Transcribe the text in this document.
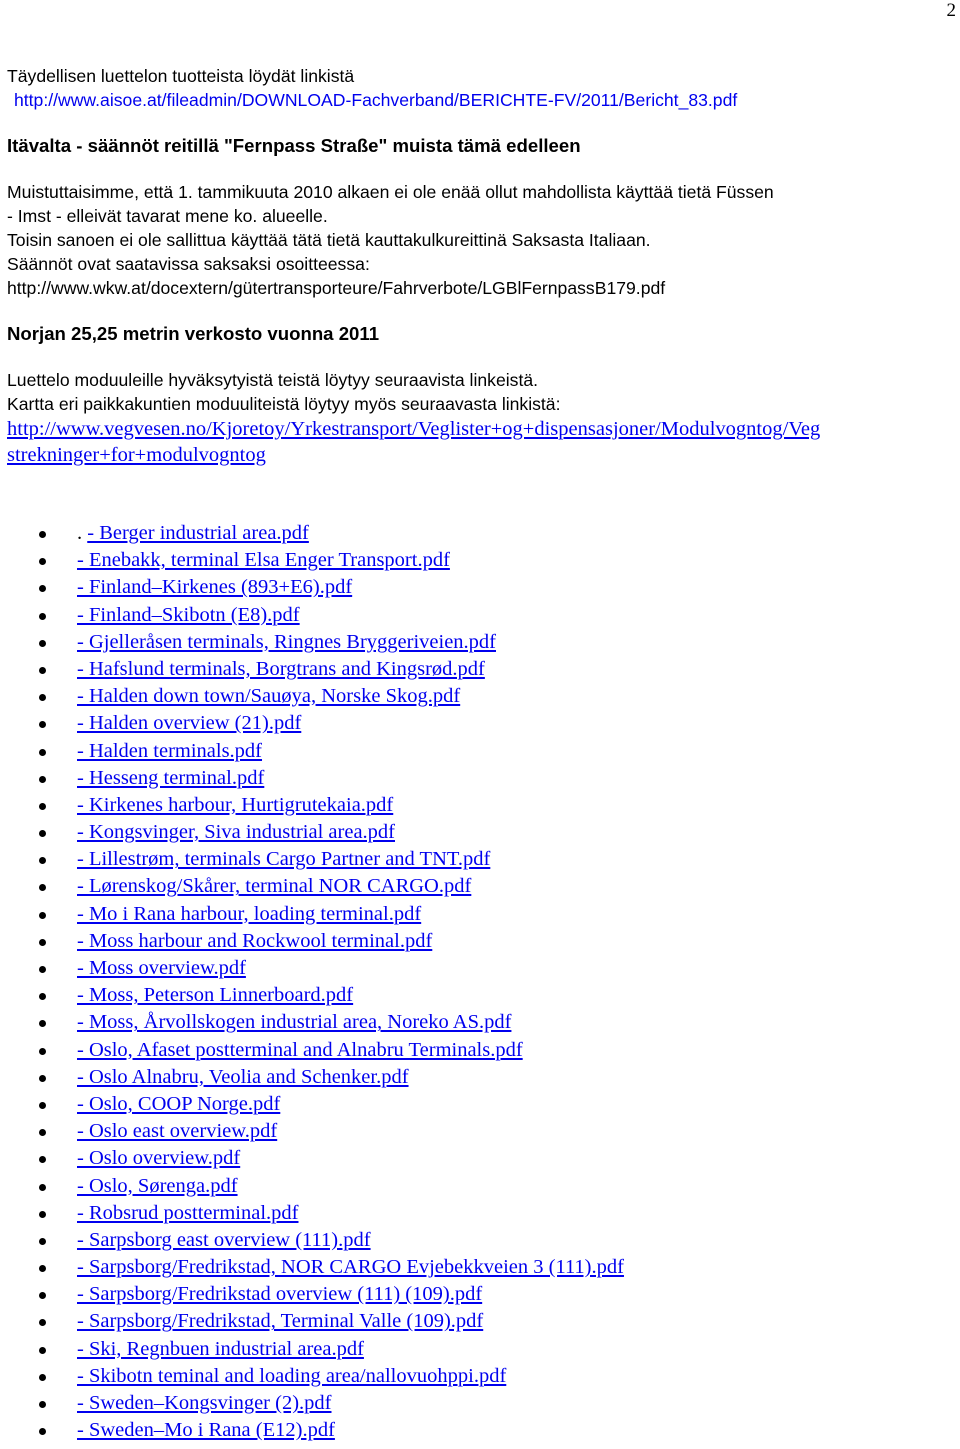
2
Täydellisen luettelon tuotteista löydät linkistä
http://www.aisoe.at/fileadmin/DOWNLOAD-Fachverband/BERICHTE-FV/2011/Bericht_83.pdf
Itävalta - säännöt reitillä "Fernpass Straße" muista tämä edelleen
Muistuttaisimme, että 1. tammikuuta 2010 alkaen ei ole enää ollut mahdollista käyttää tietä Füssen
- Imst - elleivät tavarat mene ko. alueelle.
Toisin sanoen ei ole sallittua käyttää tätä tietä kauttakulkureittinä Saksasta Italiaan.
Säännöt ovat saatavissa saksaksi osoitteessa:
http://www.wkw.at/docextern/gütertransporteure/Fahrverbote/LGBlFernpassB179.pdf
Norjan 25,25 metrin verkosto vuonna 2011
Luettelo moduuleille hyväksytyistä teistä löytyy seuraavista linkeistä.
Kartta eri paikkakuntien moduuliteistä löytyy myös seuraavasta linkistä:
http://www.vegvesen.no/Kjoretoy/Yrkestransport/Veglister+og+dispensasjoner/Modulvogntog/Veg
strekninger+for+modulvogntog
. - Berger industrial area.pdf
- Enebakk, terminal Elsa Enger Transport.pdf
- Finland–Kirkenes (893+E6).pdf
- Finland–Skibotn (E8).pdf
- Gjelleråsen terminals, Ringnes Bryggeriveien.pdf
- Hafslund terminals, Borgtrans and Kingsrød.pdf
- Halden down town/Sauøya, Norske Skog.pdf
- Halden overview (21).pdf
- Halden terminals.pdf
- Hesseng terminal.pdf
- Kirkenes harbour, Hurtigrutekaia.pdf
- Kongsvinger, Siva industrial area.pdf
- Lillestrøm, terminals Cargo Partner and TNT.pdf
- Lørenskog/Skårer, terminal NOR CARGO.pdf
- Mo i Rana harbour, loading terminal.pdf
- Moss harbour and Rockwool terminal.pdf
- Moss overview.pdf
- Moss, Peterson Linnerboard.pdf
- Moss, Årvollskogen industrial area, Noreko AS.pdf
- Oslo, Afaset postterminal and Alnabru Terminals.pdf
- Oslo Alnabru, Veolia and Schenker.pdf
- Oslo, COOP Norge.pdf
- Oslo east overview.pdf
- Oslo overview.pdf
- Oslo, Sørenga.pdf
- Robsrud postterminal.pdf
- Sarpsborg east overview (111).pdf
- Sarpsborg/Fredrikstad, NOR CARGO Evjebekkveien 3 (111).pdf
- Sarpsborg/Fredrikstad overview (111) (109).pdf
- Sarpsborg/Fredrikstad, Terminal Valle (109).pdf
- Ski, Regnbuen industrial area.pdf
- Skibotn teminal and loading area/nallovuohppi.pdf
- Sweden–Kongsvinger (2).pdf
- Sweden–Mo i Rana (E12).pdf
